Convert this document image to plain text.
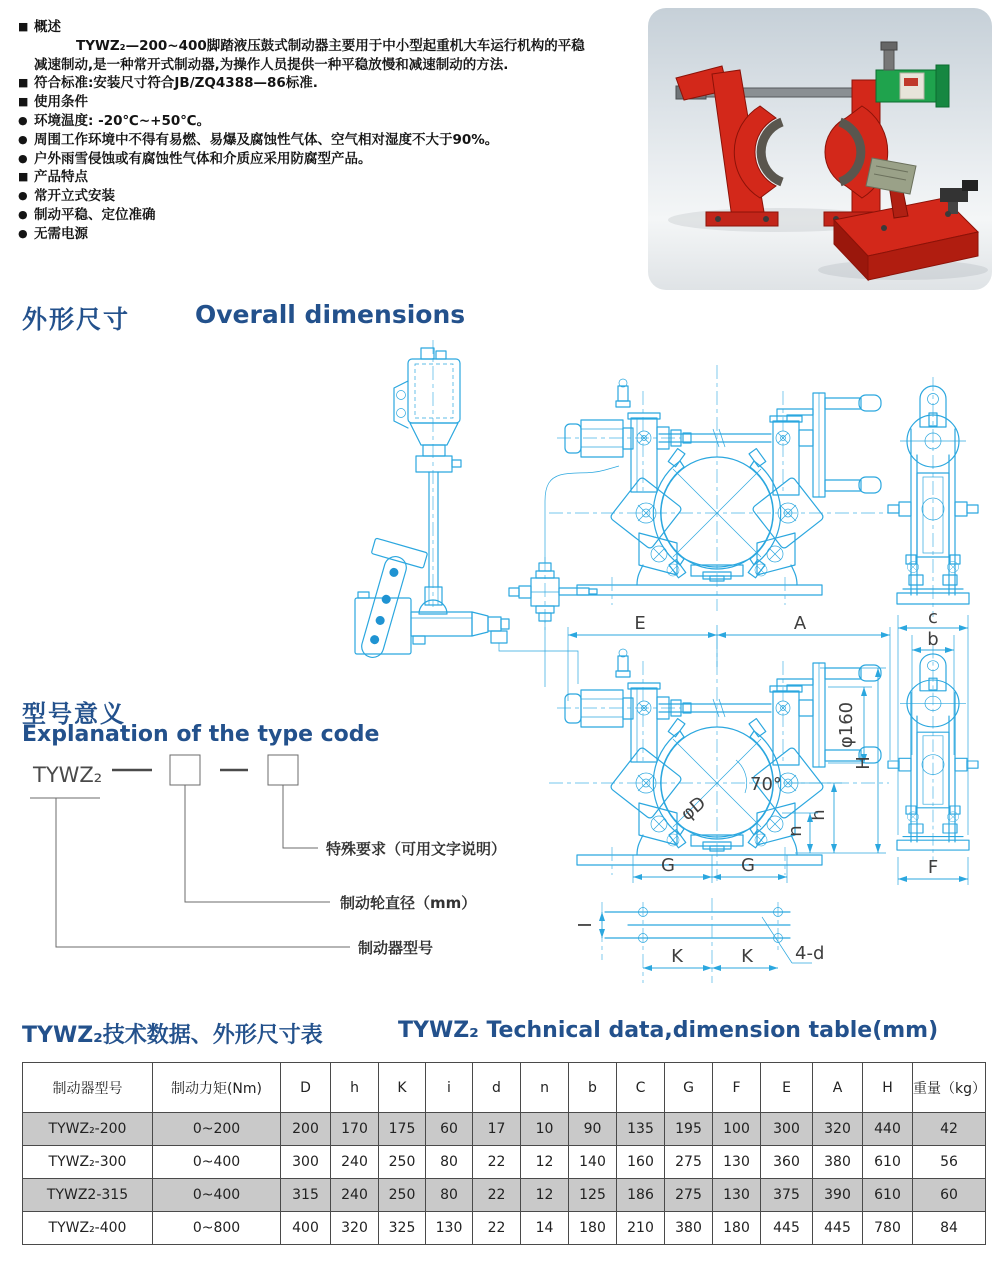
■ 概述
TYWZ₂—200~400脚踏液压鼓式制动器主要用于中小型起重机大车运行机构的平稳
减速制动,是一种常开式制动器,为操作人员提供一种平稳放慢和减速制动的方法.
■ 符合标准:安装尺寸符合JB/ZQ4388—86标准.
■ 使用条件
● 环境温度: -20℃~+50℃。
● 周围工作环境中不得有易燃、易爆及腐蚀性气体、空气相对湿度不大于90%。
● 户外雨雪侵蚀或有腐蚀性气体和介质应采用防腐型产品。
■ 产品特点
● 常开立式安装
● 制动平稳、定位准确
● 无需电源
外形尺寸	Overall dimensions
E	A	c
b
70°
φD
φ160
H
h
n
G	G	F
I
K	K 4-d
型号意义
Explanation of the type code
TYWZ₂
特殊要求（可用文字说明）
制动轮直径（mm）
制动器型号
TYWZ₂技术数据、外形尺寸表	TYWZ₂ Technical data,dimension table(mm)
制动器型号	制动力矩(Nm)	D	h	K	i	d	n	b	C	G	F	E	A	H	重量（kg）
TYWZ₂-200	0~200	200	170	175	60	17	10	90	135	195	100	300	320	440	42
TYWZ₂-300	0~400	300	240	250	80	22	12	140	160	275	130	360	380	610	56
TYWZ2-315	0~400	315	240	250	80	22	12	125	186	275	130	375	390	610	60
TYWZ₂-400	0~800	400	320	325	130	22	14	180	210	380	180	445	445	780	84
